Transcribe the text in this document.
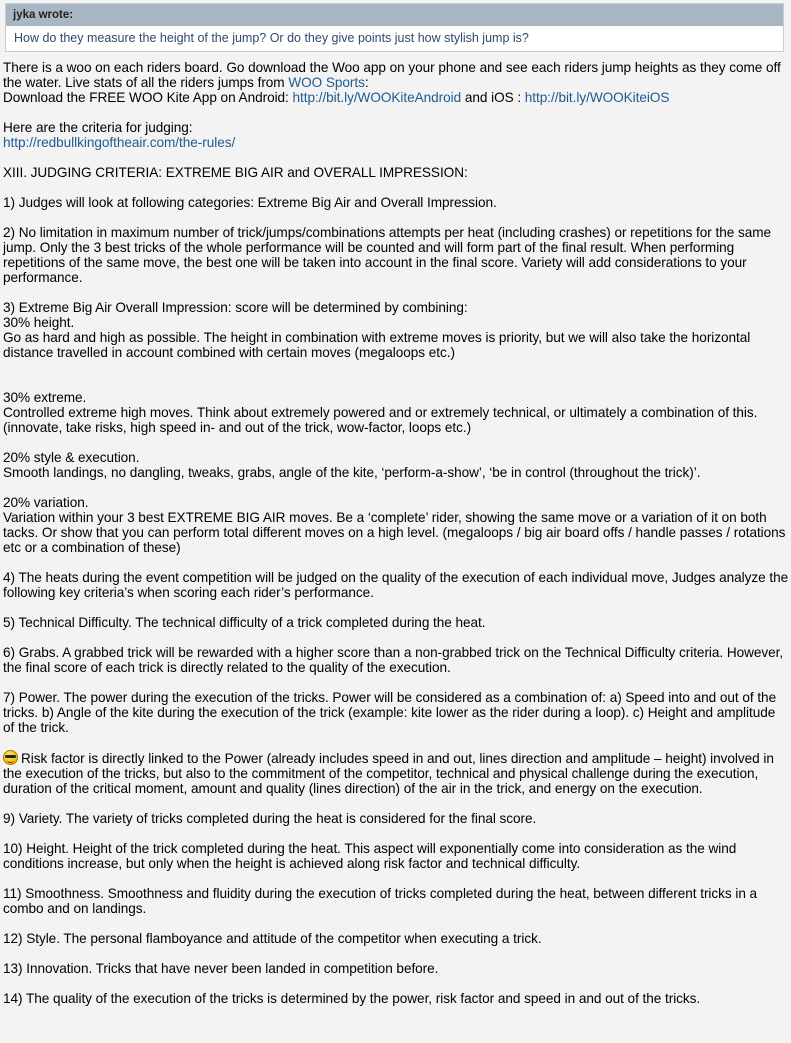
jyka wrote:
How do they measure the height of the jump? Or do they give points just how stylish jump is?

There is a woo on each riders board. Go download the Woo app on your phone and see each riders jump heights as they come off the water. Live stats of all the riders jumps from WOO Sports:
Download the FREE WOO Kite App on Android: http://bit.ly/WOOKiteAndroid and iOS : http://bit.ly/WOOKiteiOS

Here are the criteria for judging:
http://redbullkingoftheair.com/the-rules/

XIII. JUDGING CRITERIA: EXTREME BIG AIR and OVERALL IMPRESSION:

1) Judges will look at following categories: Extreme Big Air and Overall Impression.

2) No limitation in maximum number of trick/jumps/combinations attempts per heat (including crashes) or repetitions for the same jump. Only the 3 best tricks of the whole performance will be counted and will form part of the final result. When performing repetitions of the same move, the best one will be taken into account in the final score. Variety will add considerations to your performance.

3) Extreme Big Air Overall Impression: score will be determined by combining:
30% height.
Go as hard and high as possible. The height in combination with extreme moves is priority, but we will also take the horizontal distance travelled in account combined with certain moves (megaloops etc.)

30% extreme.
Controlled extreme high moves. Think about extremely powered and or extremely technical, or ultimately a combination of this. (innovate, take risks, high speed in- and out of the trick, wow-factor, loops etc.)

20% style & execution.
Smooth landings, no dangling, tweaks, grabs, angle of the kite, ‘perform-a-show’, ‘be in control (throughout the trick)’.

20% variation.
Variation within your 3 best EXTREME BIG AIR moves. Be a ‘complete’ rider, showing the same move or a variation of it on both tacks. Or show that you can perform total different moves on a high level. (megaloops / big air board offs / handle passes / rotations etc or a combination of these)

4) The heats during the event competition will be judged on the quality of the execution of each individual move, Judges analyze the following key criteria’s when scoring each rider’s performance.

5) Technical Difficulty. The technical difficulty of a trick completed during the heat.

6) Grabs. A grabbed trick will be rewarded with a higher score than a non-grabbed trick on the Technical Difficulty criteria. However, the final score of each trick is directly related to the quality of the execution.

7) Power. The power during the execution of the tricks. Power will be considered as a combination of: a) Speed into and out of the tricks. b) Angle of the kite during the execution of the trick (example: kite lower as the rider during a loop). c) Height and amplitude of the trick.

Risk factor is directly linked to the Power (already includes speed in and out, lines direction and amplitude – height) involved in the execution of the tricks, but also to the commitment of the competitor, technical and physical challenge during the execution, duration of the critical moment, amount and quality (lines direction) of the air in the trick, and energy on the execution.

9) Variety. The variety of tricks completed during the heat is considered for the final score.

10) Height. Height of the trick completed during the heat. This aspect will exponentially come into consideration as the wind conditions increase, but only when the height is achieved along risk factor and technical difficulty.

11) Smoothness. Smoothness and fluidity during the execution of tricks completed during the heat, between different tricks in a combo and on landings.

12) Style. The personal flamboyance and attitude of the competitor when executing a trick.

13) Innovation. Tricks that have never been landed in competition before.

14) The quality of the execution of the tricks is determined by the power, risk factor and speed in and out of the tricks.
